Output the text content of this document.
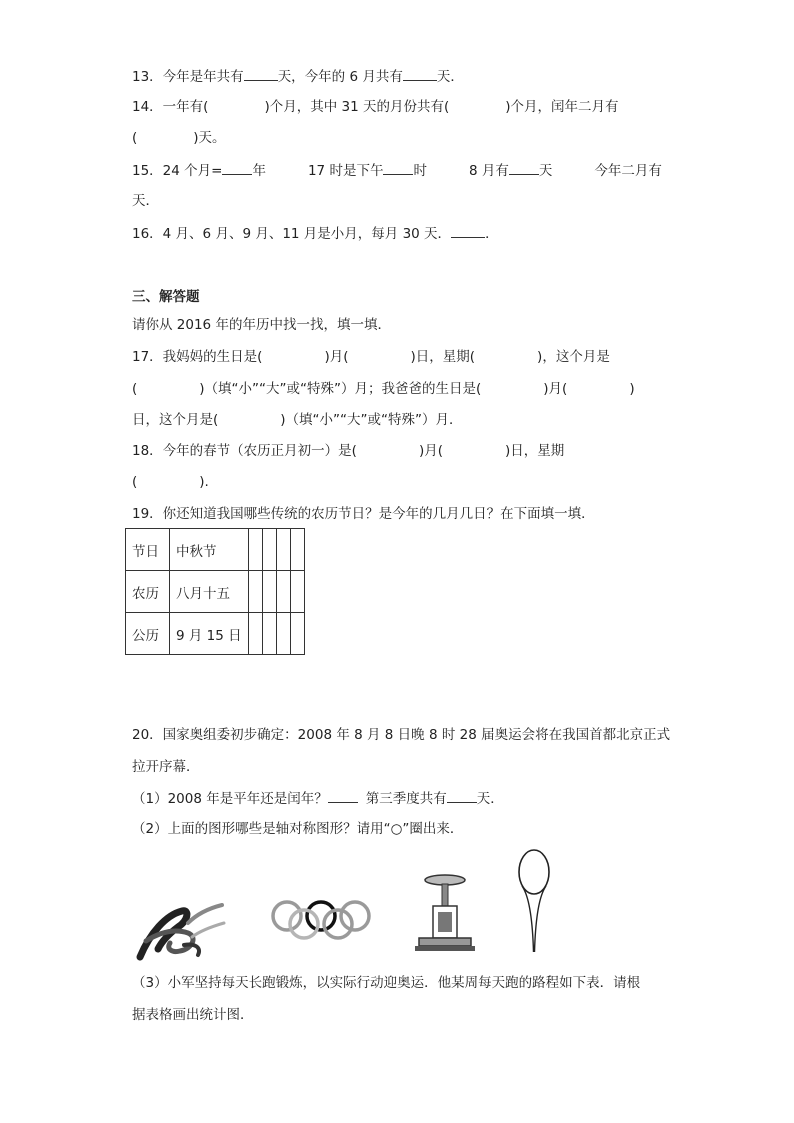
13．今年是年共有	天，今年的 6 月共有	天．
14．一年有(	)个月，其中 31 天的月份共有(	)个月，闰年二月有
(	)天。
15．24 个月= 年	17 时是下午 时	8 月有 天	今年二月有
天．
16．4 月、6 月、9 月、11 月是小月，每月 30 天．	．
三、解答题
请你从 2016 年的年历中找一找，填一填．
17．我妈妈的生日是(	)月(	)日，星期(	)，这个月是
(	)（填“小”“大”或“特殊”）月；我爸爸的生日是(	)月(	)
日，这个月是(	)（填“小”“大”或“特殊”）月．
18．今年的春节（农历正月初一）是(	)月(	)日，星期
(	).
19．你还知道我国哪些传统的农历节日？是今年的几月几日？在下面填一填．
节日	中秋节				
农历	八月十五				
公历	9 月 15 日				
20．国家奥组委初步确定：2008 年 8 月 8 日晚 8 时 28 届奥运会将在我国首都北京正式
拉开序幕．
（1）2008 年是平年还是闰年？	第三季度共有 天．
（2）上面的图形哪些是轴对称图形？请用“○”圈出来．
（3）小军坚持每天长跑锻炼，以实际行动迎奥运．他某周每天跑的路程如下表．请根
据表格画出统计图．
